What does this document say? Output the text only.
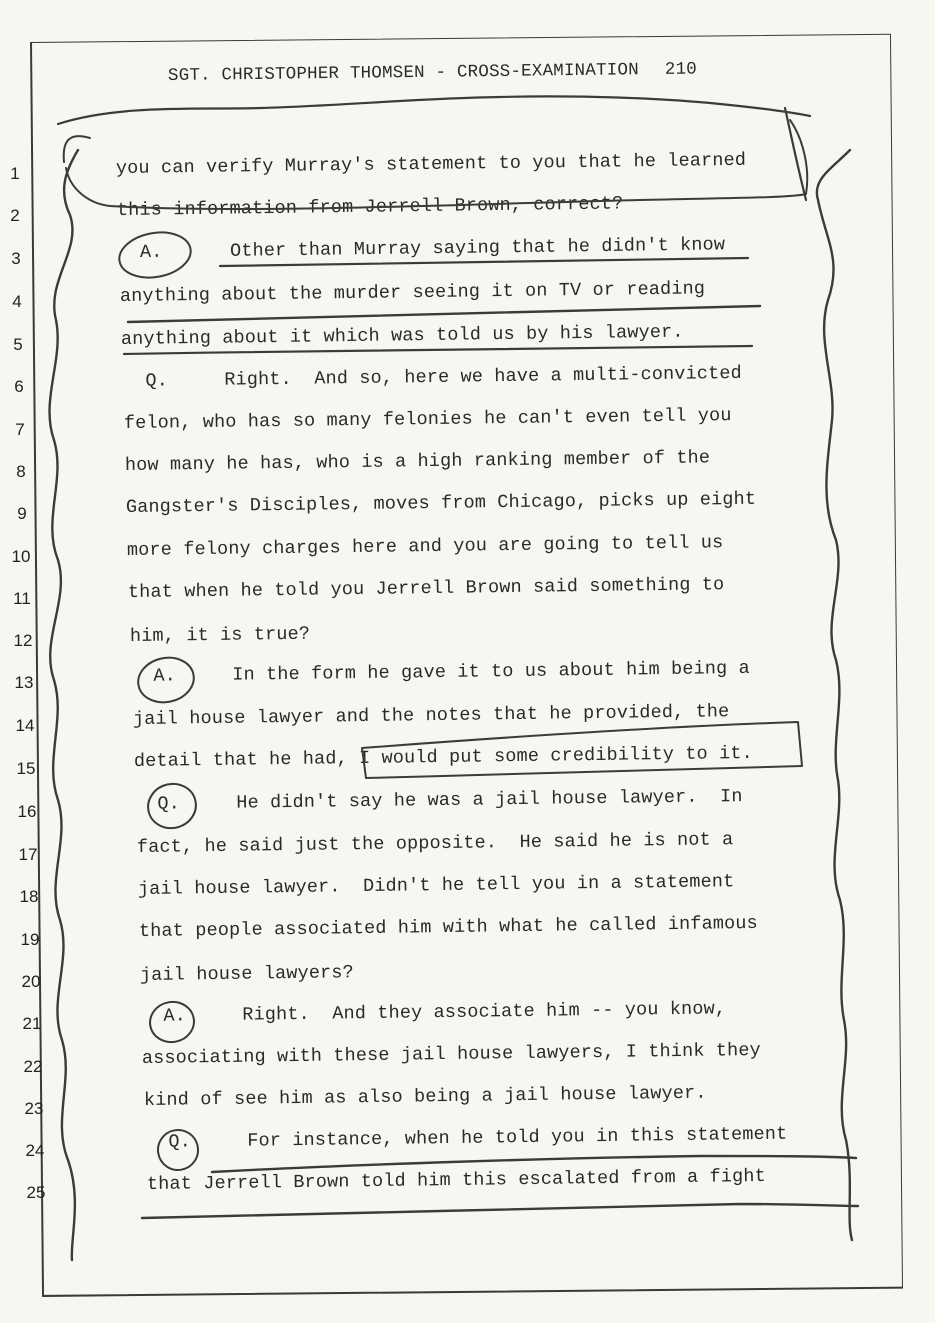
SGT. CHRISTOPHER THOMSEN - CROSS-EXAMINATION 210
1
2
3
4
5
6
7
8
9
10
11
12
13
14
15
16
17
18
19
20
21
22
23
24
25
you can verify Murray's statement to you that he learned
this information from Jerrell Brown, correct?
A.      Other than Murray saying that he didn't know
anything about the murder seeing it on TV or reading
anything about it which was told us by his lawyer.
Q.     Right.  And so, here we have a multi-convicted
felon, who has so many felonies he can't even tell you
how many he has, who is a high ranking member of the
Gangster's Disciples, moves from Chicago, picks up eight
more felony charges here and you are going to tell us
that when he told you Jerrell Brown said something to
him, it is true?
A.     In the form he gave it to us about him being a
jail house lawyer and the notes that he provided, the
detail that he had, I would put some credibility to it.
Q.     He didn't say he was a jail house lawyer.  In
fact, he said just the opposite.  He said he is not a
jail house lawyer.  Didn't he tell you in a statement
that people associated him with what he called infamous
jail house lawyers?
A.     Right.  And they associate him -- you know,
associating with these jail house lawyers, I think they
kind of see him as also being a jail house lawyer.
Q.     For instance, when he told you in this statement
that Jerrell Brown told him this escalated from a fight
